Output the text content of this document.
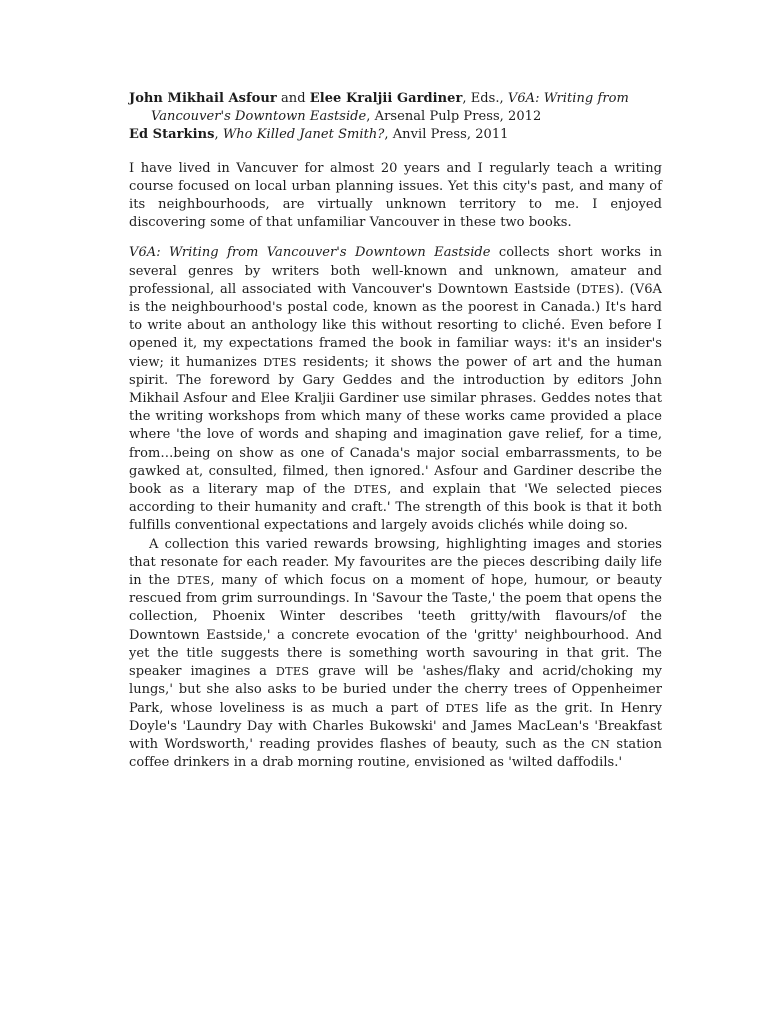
John Mikhail Asfour and Elee Kraljii Gardiner, Eds., V6A: Writing from Vancouver's Downtown Eastside, Arsenal Pulp Press, 2012

Ed Starkins, Who Killed Janet Smith?, Anvil Press, 2011

I have lived in Vancuver for almost 20 years and I regularly teach a writing course focused on local urban planning issues. Yet this city's past, and many of its neighbourhoods, are virtually unknown territory to me. I enjoyed discovering some of that unfamiliar Vancouver in these two books.

V6A: Writing from Vancouver's Downtown Eastside collects short works in several genres by writers both well-known and unknown, amateur and professional, all associated with Vancouver's Downtown Eastside (DTES). (V6A is the neighbourhood's postal code, known as the poorest in Canada.) It's hard to write about an anthology like this without resorting to cliché. Even before I opened it, my expectations framed the book in familiar ways: it's an insider's view; it humanizes DTES residents; it shows the power of art and the human spirit. The foreword by Gary Geddes and the introduction by editors John Mikhail Asfour and Elee Kraljii Gardiner use similar phrases. Geddes notes that the writing workshops from which many of these works came provided a place where 'the love of words and shaping and imagination gave relief, for a time, from…being on show as one of Canada's major social embarrassments, to be gawked at, consulted, filmed, then ignored.' Asfour and Gardiner describe the book as a literary map of the DTES, and explain that 'We selected pieces according to their humanity and craft.' The strength of this book is that it both fulfills conventional expectations and largely avoids clichés while doing so.

A collection this varied rewards browsing, highlighting images and stories that resonate for each reader. My favourites are the pieces describing daily life in the DTES, many of which focus on a moment of hope, humour, or beauty rescued from grim surroundings. In 'Savour the Taste,' the poem that opens the collection, Phoenix Winter describes 'teeth gritty/with flavours/of the Downtown Eastside,' a concrete evocation of the 'gritty' neighbourhood. And yet the title suggests there is something worth savouring in that grit. The speaker imagines a DTES grave will be 'ashes/flaky and acrid/choking my lungs,' but she also asks to be buried under the cherry trees of Oppenheimer Park, whose loveliness is as much a part of DTES life as the grit. In Henry Doyle's 'Laundry Day with Charles Bukowski' and James MacLean's 'Breakfast with Wordsworth,' reading provides flashes of beauty, such as the CN station coffee drinkers in a drab morning routine, envisioned as 'wilted daffodils.'
